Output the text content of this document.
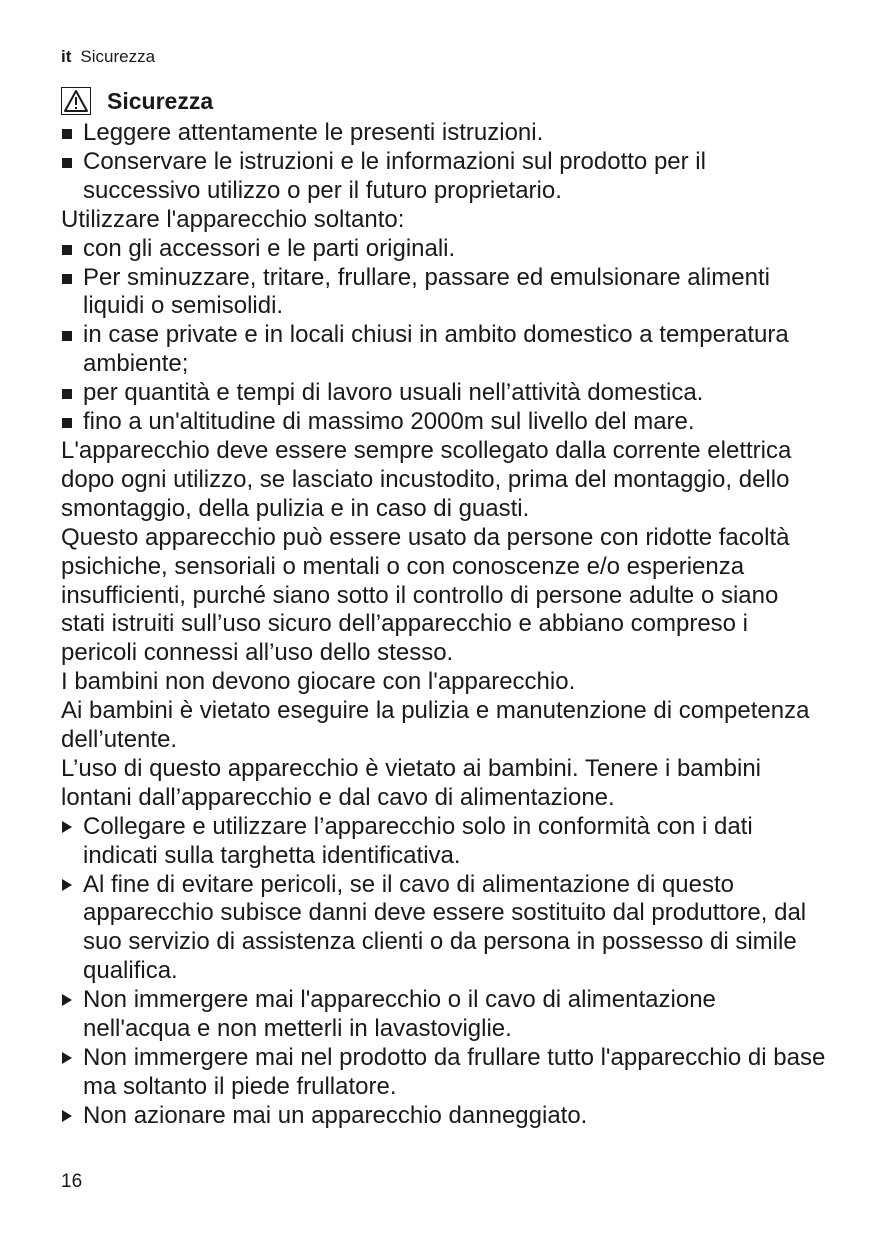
it Sicurezza
Sicurezza
Leggere attentamente le presenti istruzioni.
Conservare le istruzioni e le informazioni sul prodotto per il successivo utilizzo o per il futuro proprietario.

Utilizzare l'apparecchio soltanto:

con gli accessori e le parti originali.
Per sminuzzare, tritare, frullare, passare ed emulsionare alimenti liquidi o semisolidi.
in case private e in locali chiusi in ambito domestico a temperatura ambiente;
per quantità e tempi di lavoro usuali nell’attività domestica.
fino a un'altitudine di massimo 2000m sul livello del mare.

L'apparecchio deve essere sempre scollegato dalla corrente elettrica dopo ogni utilizzo, se lasciato incustodito, prima del montaggio, dello smontaggio, della pulizia e in caso di guasti.

Questo apparecchio può essere usato da persone con ridotte facoltà psichiche, sensoriali o mentali o con conoscenze e/o esperienza insufficienti, purché siano sotto il controllo di persone adulte o siano stati istruiti sull’uso sicuro dell’apparecchio e abbiano compreso i pericoli connessi all’uso dello stesso.

I bambini non devono giocare con l'apparecchio.

Ai bambini è vietato eseguire la pulizia e manutenzione di competenza dell’utente.

L’uso di questo apparecchio è vietato ai bambini. Tenere i bambini lontani dall’apparecchio e dal cavo di alimentazione.

Collegare e utilizzare l’apparecchio solo in conformità con i dati indicati sulla targhetta identificativa.
Al fine di evitare pericoli, se il cavo di alimentazione di questo apparecchio subisce danni deve essere sostituito dal produttore, dal suo servizio di assistenza clienti o da persona in possesso di simile qualifica.
Non immergere mai l'apparecchio o il cavo di alimentazione nell'acqua e non metterli in lavastoviglie.
Non immergere mai nel prodotto da frullare tutto l'apparecchio di base ma soltanto il piede frullatore.
Non azionare mai un apparecchio danneggiato.
16
